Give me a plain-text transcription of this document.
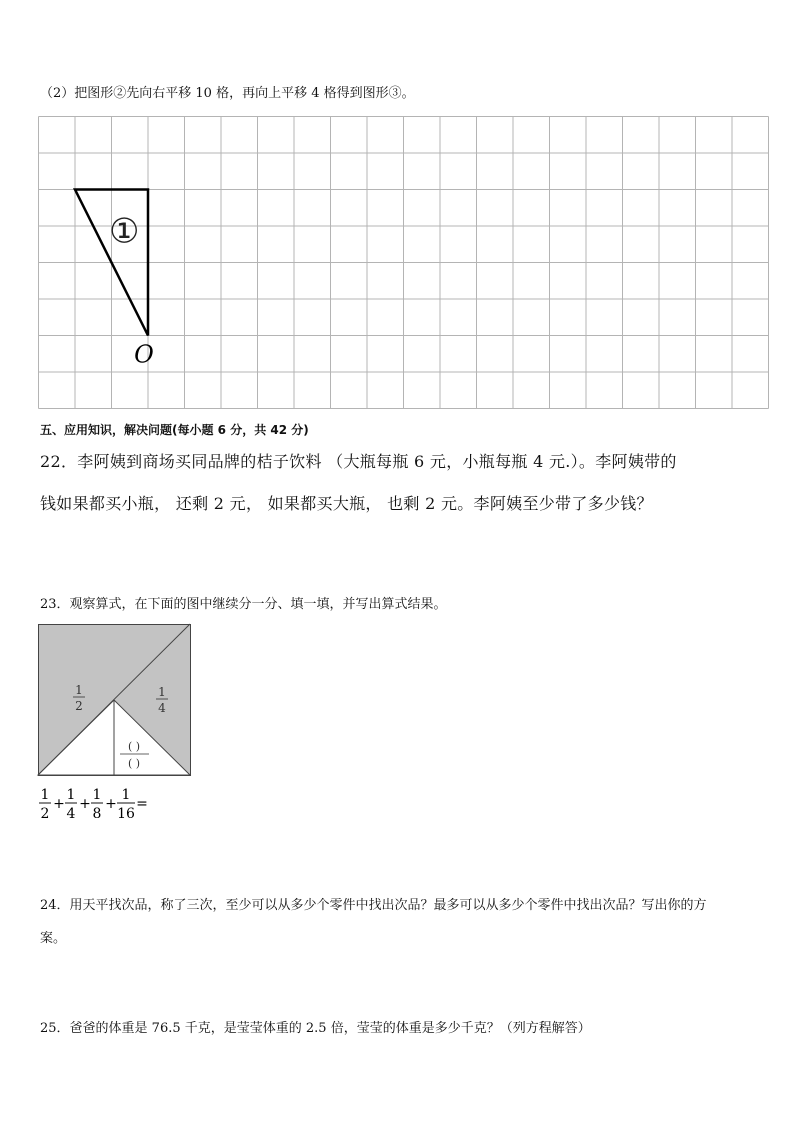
（2）把图形②先向右平移 10 格，再向上平移 4 格得到图形③。
①
O
五、应用知识，解决问题(每小题 6 分，共 42 分)
22．李阿姨到商场买同品牌的桔子饮料 （大瓶每瓶 6 元，小瓶每瓶 4 元.）。李阿姨带的
钱如果都买小瓶， 还剩 2 元， 如果都买大瓶， 也剩 2 元。李阿姨至少带了多少钱？
23．观察算式，在下面的图中继续分一分、填一填，并写出算式结果。
1
2
1
4
( )
( )
1
2
+
1
4
+
1
8
+
1
16
=
24．用天平找次品，称了三次，至少可以从多少个零件中找出次品？最多可以从多少个零件中找出次品？写出你的方
案。
25．爸爸的体重是 76.5 千克，是莹莹体重的 2.5 倍，莹莹的体重是多少千克？（列方程解答）
